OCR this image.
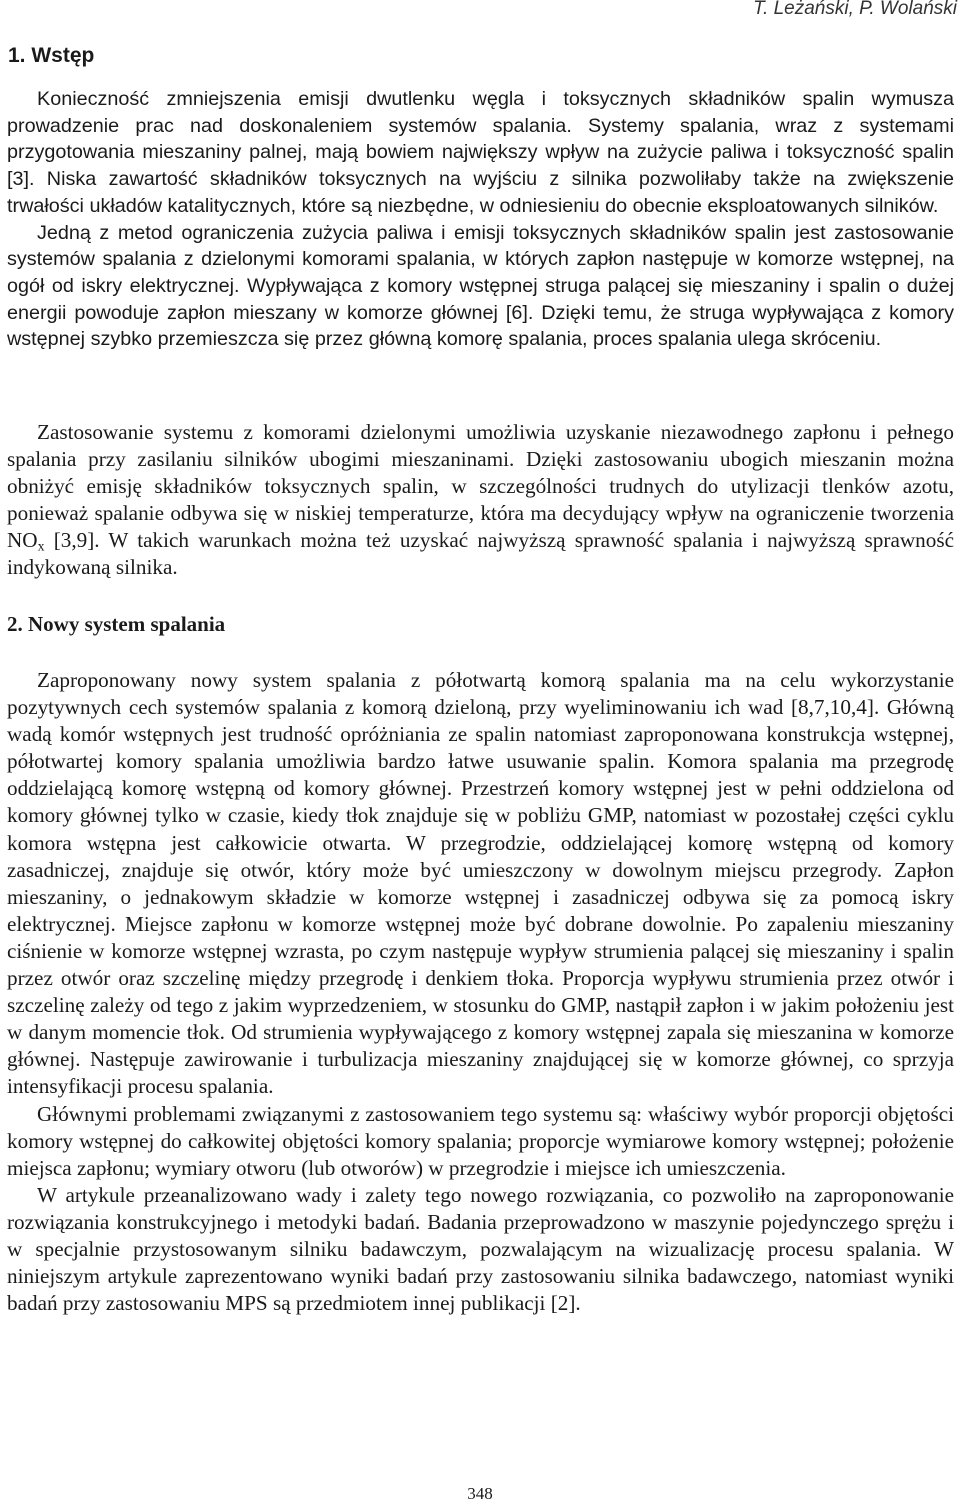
T. Leżański, P. Wolański
1. Wstęp

Konieczność zmniejszenia emisji dwutlenku węgla i toksycznych składników spalin wymusza prowadzenie prac nad doskonaleniem systemów spalania. Systemy spalania, wraz z systemami przygotowania mieszaniny palnej, mają bowiem największy wpływ na zużycie paliwa i toksyczność spalin [3]. Niska zawartość składników toksycznych na wyjściu z silnika pozwoliłaby także na zwiększenie trwałości układów katalitycznych, które są niezbędne, w odniesieniu do obecnie eksploatowanych silników.

Jedną z metod ograniczenia zużycia paliwa i emisji toksycznych składników spalin jest zastosowanie systemów spalania z dzielonymi komorami spalania, w których zapłon następuje w komorze wstępnej, na ogół od iskry elektrycznej. Wypływająca z komory wstępnej struga palącej się mieszaniny i spalin o dużej energii powoduje zapłon mieszany w komorze głównej [6]. Dzięki temu, że struga wypływająca z komory wstępnej szybko przemieszcza się przez główną komorę spalania, proces spalania ulega skróceniu.

Zastosowanie systemu z komorami dzielonymi umożliwia uzyskanie niezawodnego zapłonu i pełnego spalania przy zasilaniu silników ubogimi mieszaninami. Dzięki zastosowaniu ubogich mieszanin można obniżyć emisję składników toksycznych spalin, w szczególności trudnych do utylizacji tlenków azotu, ponieważ spalanie odbywa się w niskiej temperaturze, która ma decydujący wpływ na ograniczenie tworzenia $NO_x$ [3,9]. W takich warunkach można też uzyskać najwyższą sprawność spalania i najwyższą sprawność indykowaną silnika.

2. Nowy system spalania

Zaproponowany nowy system spalania z półotwartą komorą spalania ma na celu wykorzystanie pozytywnych cech systemów spalania z komorą dzieloną, przy wyeliminowaniu ich wad [8,7,10,4]. Główną wadą komór wstępnych jest trudność opróżniania ze spalin natomiast zaproponowana konstrukcja wstępnej, półotwartej komory spalania umożliwia bardzo łatwe usuwanie spalin. Komora spalania ma przegrodę oddzielającą komorę wstępną od komory głównej. Przestrzeń komory wstępnej jest w pełni oddzielona od komory głównej tylko w czasie, kiedy tłok znajduje się w pobliżu GMP, natomiast w pozostałej części cyklu komora wstępna jest całkowicie otwarta. W przegrodzie, oddzielającej komorę wstępną od komory zasadniczej, znajduje się otwór, który może być umieszczony w dowolnym miejscu przegrody. Zapłon mieszaniny, o jednakowym składzie w komorze wstępnej i zasadniczej odbywa się za pomocą iskry elektrycznej. Miejsce zapłonu w komorze wstępnej może być dobrane dowolnie. Po zapaleniu mieszaniny ciśnienie w komorze wstępnej wzrasta, po czym następuje wypływ strumienia palącej się mieszaniny i spalin przez otwór oraz szczelinę między przegrodę i denkiem tłoka. Proporcja wypływu strumienia przez otwór i szczelinę zależy od tego z jakim wyprzedzeniem, w stosunku do GMP, nastąpił zapłon i w jakim położeniu jest w danym momencie tłok. Od strumienia wypływającego z komory wstępnej zapala się mieszanina w komorze głównej. Następuje zawirowanie i turbulizacja mieszaniny znajdującej się w komorze głównej, co sprzyja intensyfikacji procesu spalania.

Głównymi problemami związanymi z zastosowaniem tego systemu są: właściwy wybór proporcji objętości komory wstępnej do całkowitej objętości komory spalania; proporcje wymiarowe komory wstępnej; położenie miejsca zapłonu; wymiary otworu (lub otworów) w przegrodzie i miejsce ich umieszczenia.

W artykule przeanalizowano wady i zalety tego nowego rozwiązania, co pozwoliło na zaproponowanie rozwiązania konstrukcyjnego i metodyki badań. Badania przeprowadzono w maszynie pojedynczego sprężu i w specjalnie przystosowanym silniku badawczym, pozwalającym na wizualizację procesu spalania. W niniejszym artykule zaprezentowano wyniki badań przy zastosowaniu silnika badawczego, natomiast wyniki badań przy zastosowaniu MPS są przedmiotem innej publikacji [2].

348
